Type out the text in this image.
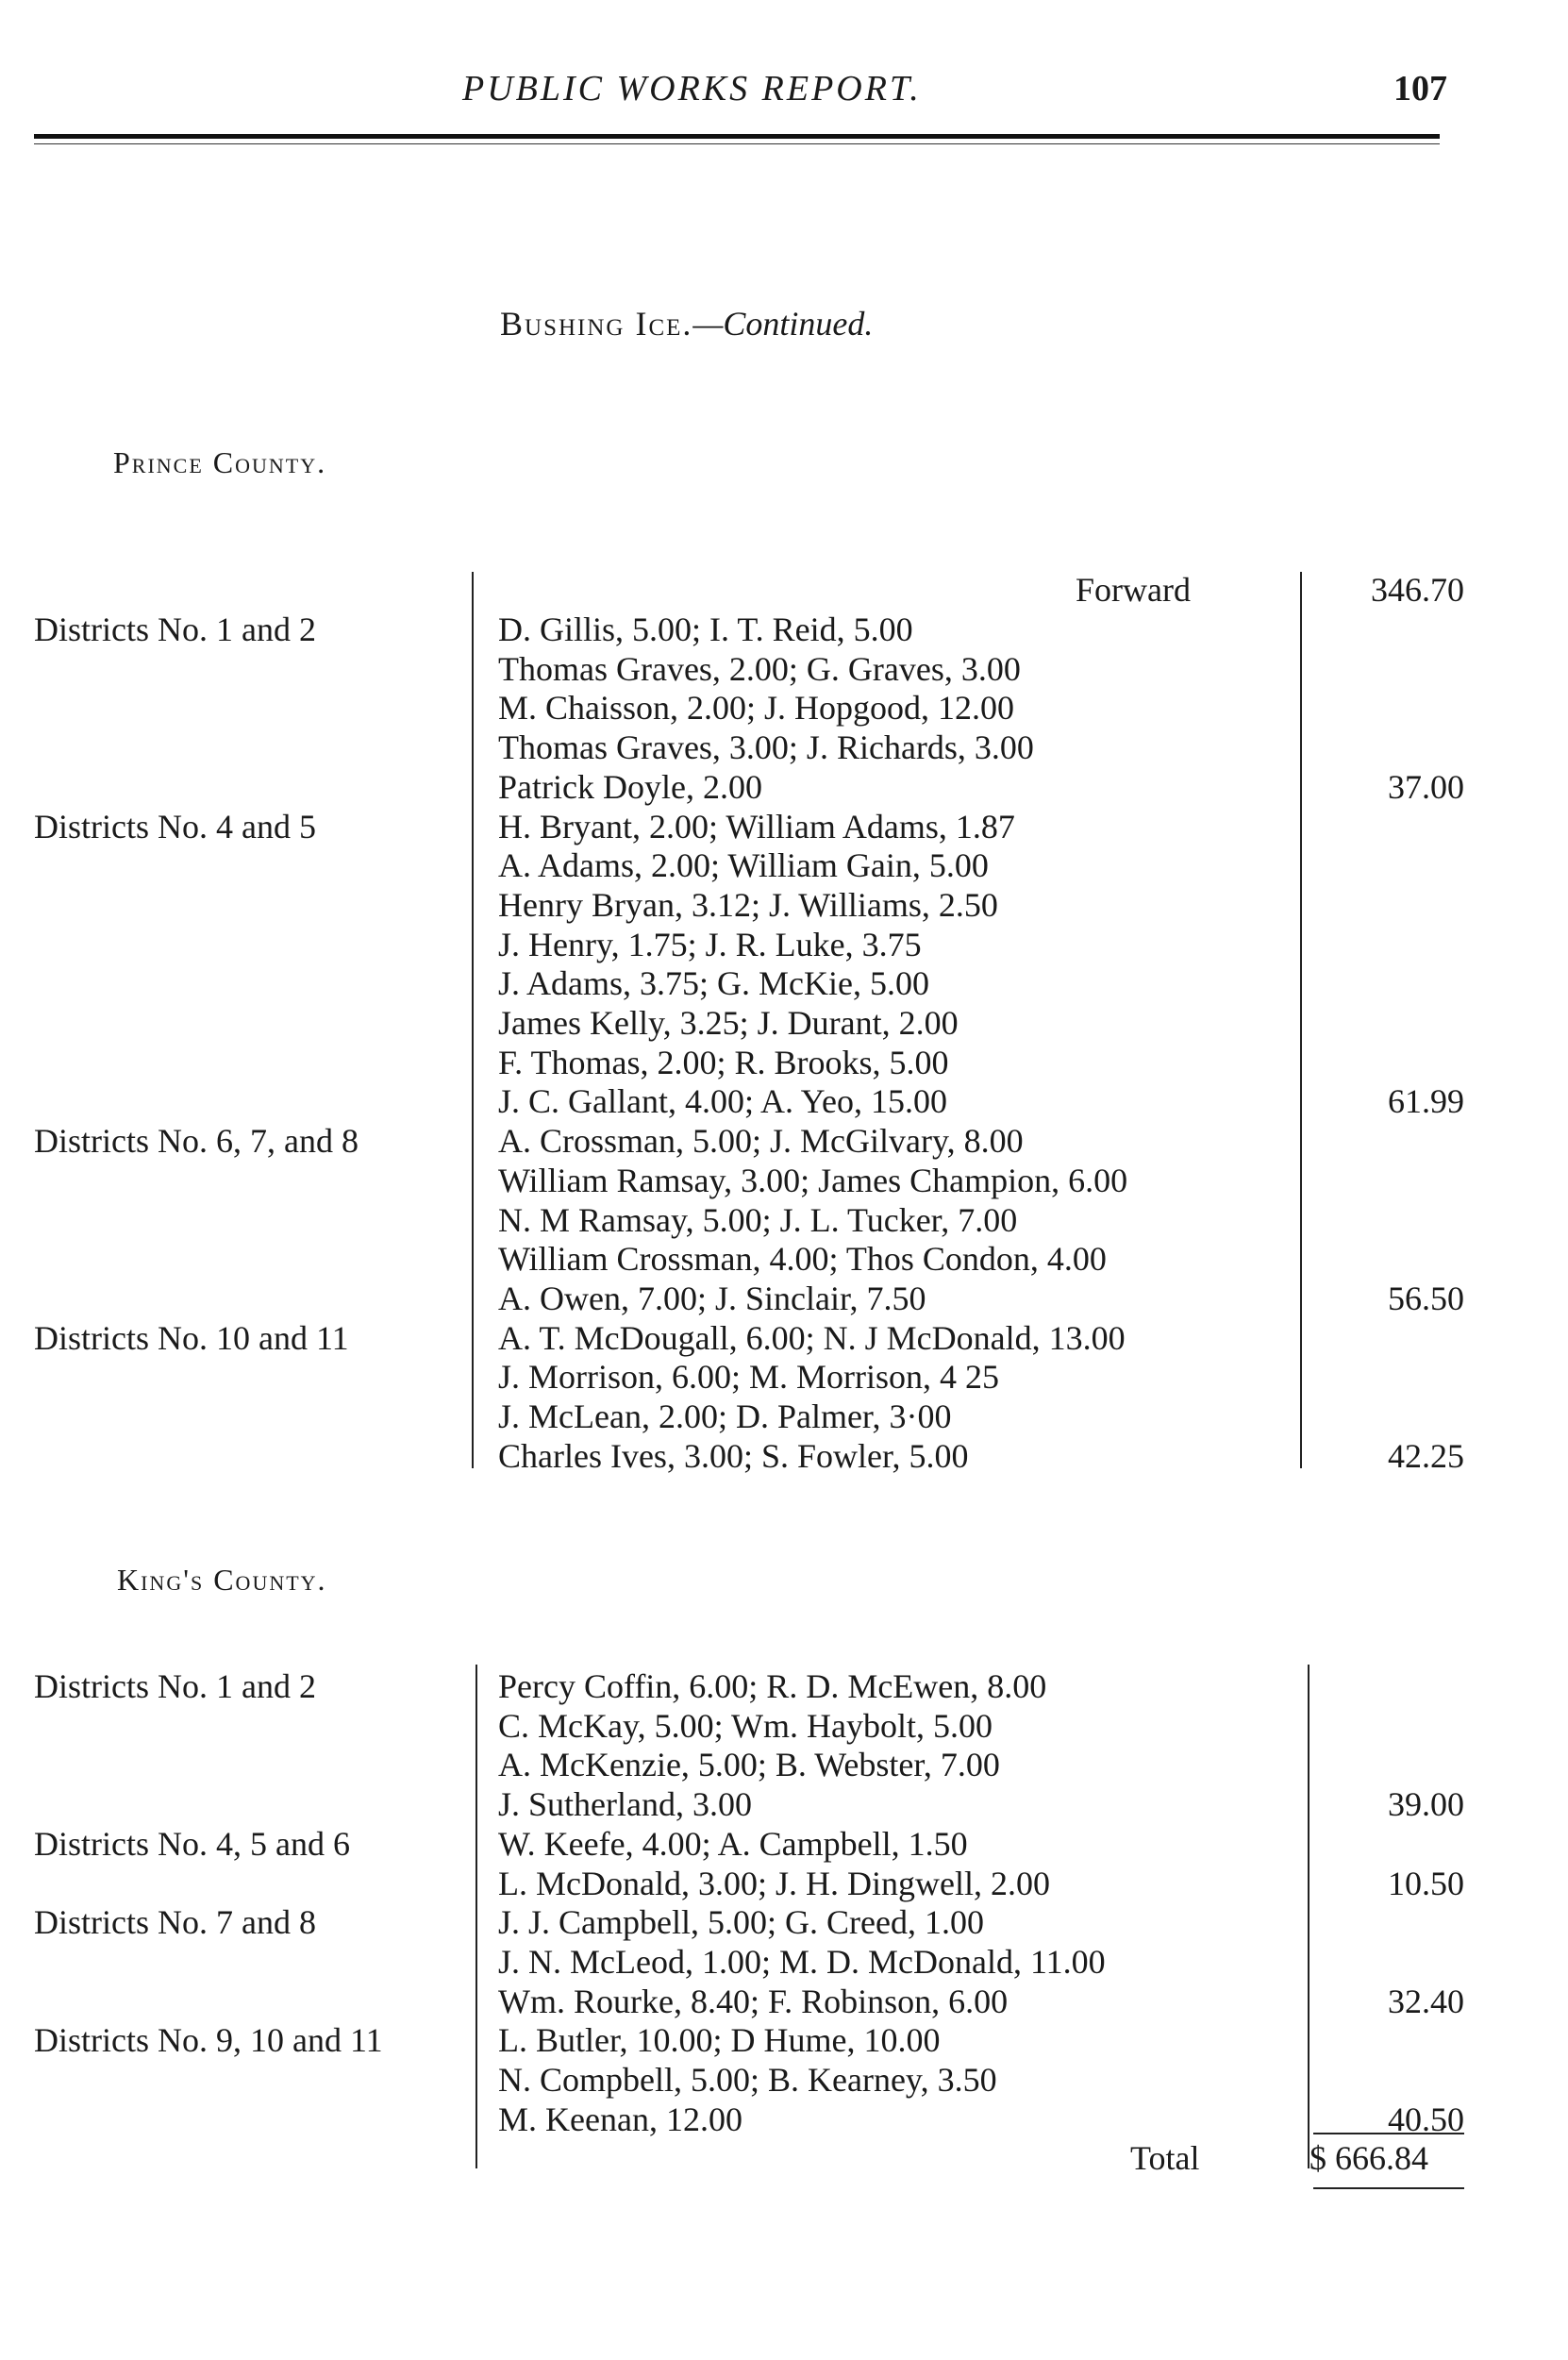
PUBLIC WORKS REPORT.	107
Bushing Ice.—Continued.
Prince County.
Forward	346.70
Districts No. 1 and 2	D. Gillis, 5.00; I. T. Reid, 5.00
Thomas Graves, 2.00; G. Graves, 3.00
M. Chaisson, 2.00; J. Hopgood, 12.00
Thomas Graves, 3.00; J. Richards, 3.00
Patrick Doyle, 2.00	37.00
Districts No. 4 and 5	H. Bryant, 2.00; William Adams, 1.87
A. Adams, 2.00; William Gain, 5.00
Henry Bryan, 3.12; J. Williams, 2.50
J. Henry, 1.75; J. R. Luke, 3.75
J. Adams, 3.75; G. McKie, 5.00
James Kelly, 3.25; J. Durant, 2.00
F. Thomas, 2.00; R. Brooks, 5.00
J. C. Gallant, 4.00; A. Yeo, 15.00	61.99
Districts No. 6, 7, and 8	A. Crossman, 5.00; J. McGilvary, 8.00
William Ramsay, 3.00; James Champion, 6.00
N. M Ramsay, 5.00; J. L. Tucker, 7.00
William Crossman, 4.00; Thos Condon, 4.00
A. Owen, 7.00; J. Sinclair, 7.50	56.50
Districts No. 10 and 11	A. T. McDougall, 6.00; N. J McDonald, 13.00
J. Morrison, 6.00; M. Morrison, 4 25
J. McLean, 2.00; D. Palmer, 3·00
Charles Ives, 3.00; S. Fowler, 5.00	42.25
King's County.
Districts No. 1 and 2	Percy Coffin, 6.00; R. D. McEwen, 8.00
C. McKay, 5.00; Wm. Haybolt, 5.00
A. McKenzie, 5.00; B. Webster, 7.00
J. Sutherland, 3.00	39.00
Districts No. 4, 5 and 6	W. Keefe, 4.00; A. Campbell, 1.50
L. McDonald, 3.00; J. H. Dingwell, 2.00	10.50
Districts No. 7 and 8	J. J. Campbell, 5.00; G. Creed, 1.00
J. N. McLeod, 1.00; M. D. McDonald, 11.00
Wm. Rourke, 8.40; F. Robinson, 6.00	32.40
Districts No. 9, 10 and 11	L. Butler, 10.00; D Hume, 10.00
N. Compbell, 5.00; B. Kearney, 3.50
M. Keenan, 12.00	40.50
Total	$ 666.84
